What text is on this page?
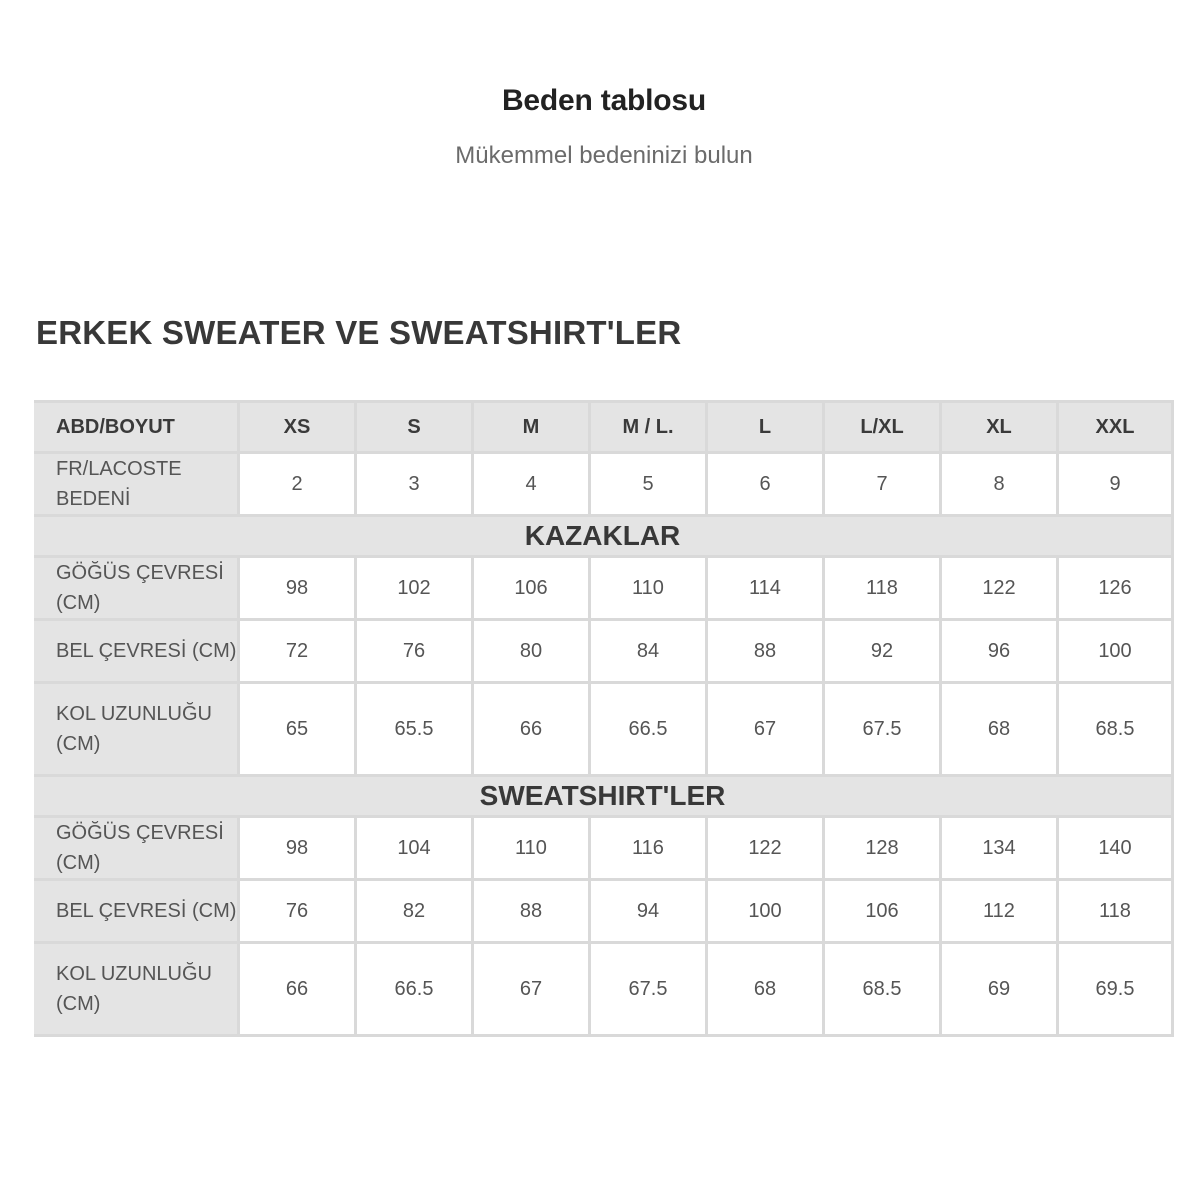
Beden tablosu
Mükemmel bedeninizi bulun
ERKEK SWEATER VE SWEATSHIRT'LER
ABD/BOYUT	XS	S	M	M / L.	L	L/XL	XL	XXL
FR/LACOSTE BEDENİ	2	3	4	5	6	7	8	9
KAZAKLAR								
GÖĞÜS ÇEVRESİ (CM)	98	102	106	110	114	118	122	126
BEL ÇEVRESİ (CM)	72	76	80	84	88	92	96	100
KOL UZUNLUĞU (CM)	65	65.5	66	66.5	67	67.5	68	68.5
SWEATSHIRT'LER								
GÖĞÜS ÇEVRESİ (CM)	98	104	110	116	122	128	134	140
BEL ÇEVRESİ (CM)	76	82	88	94	100	106	112	118
KOL UZUNLUĞU (CM)	66	66.5	67	67.5	68	68.5	69	69.5
